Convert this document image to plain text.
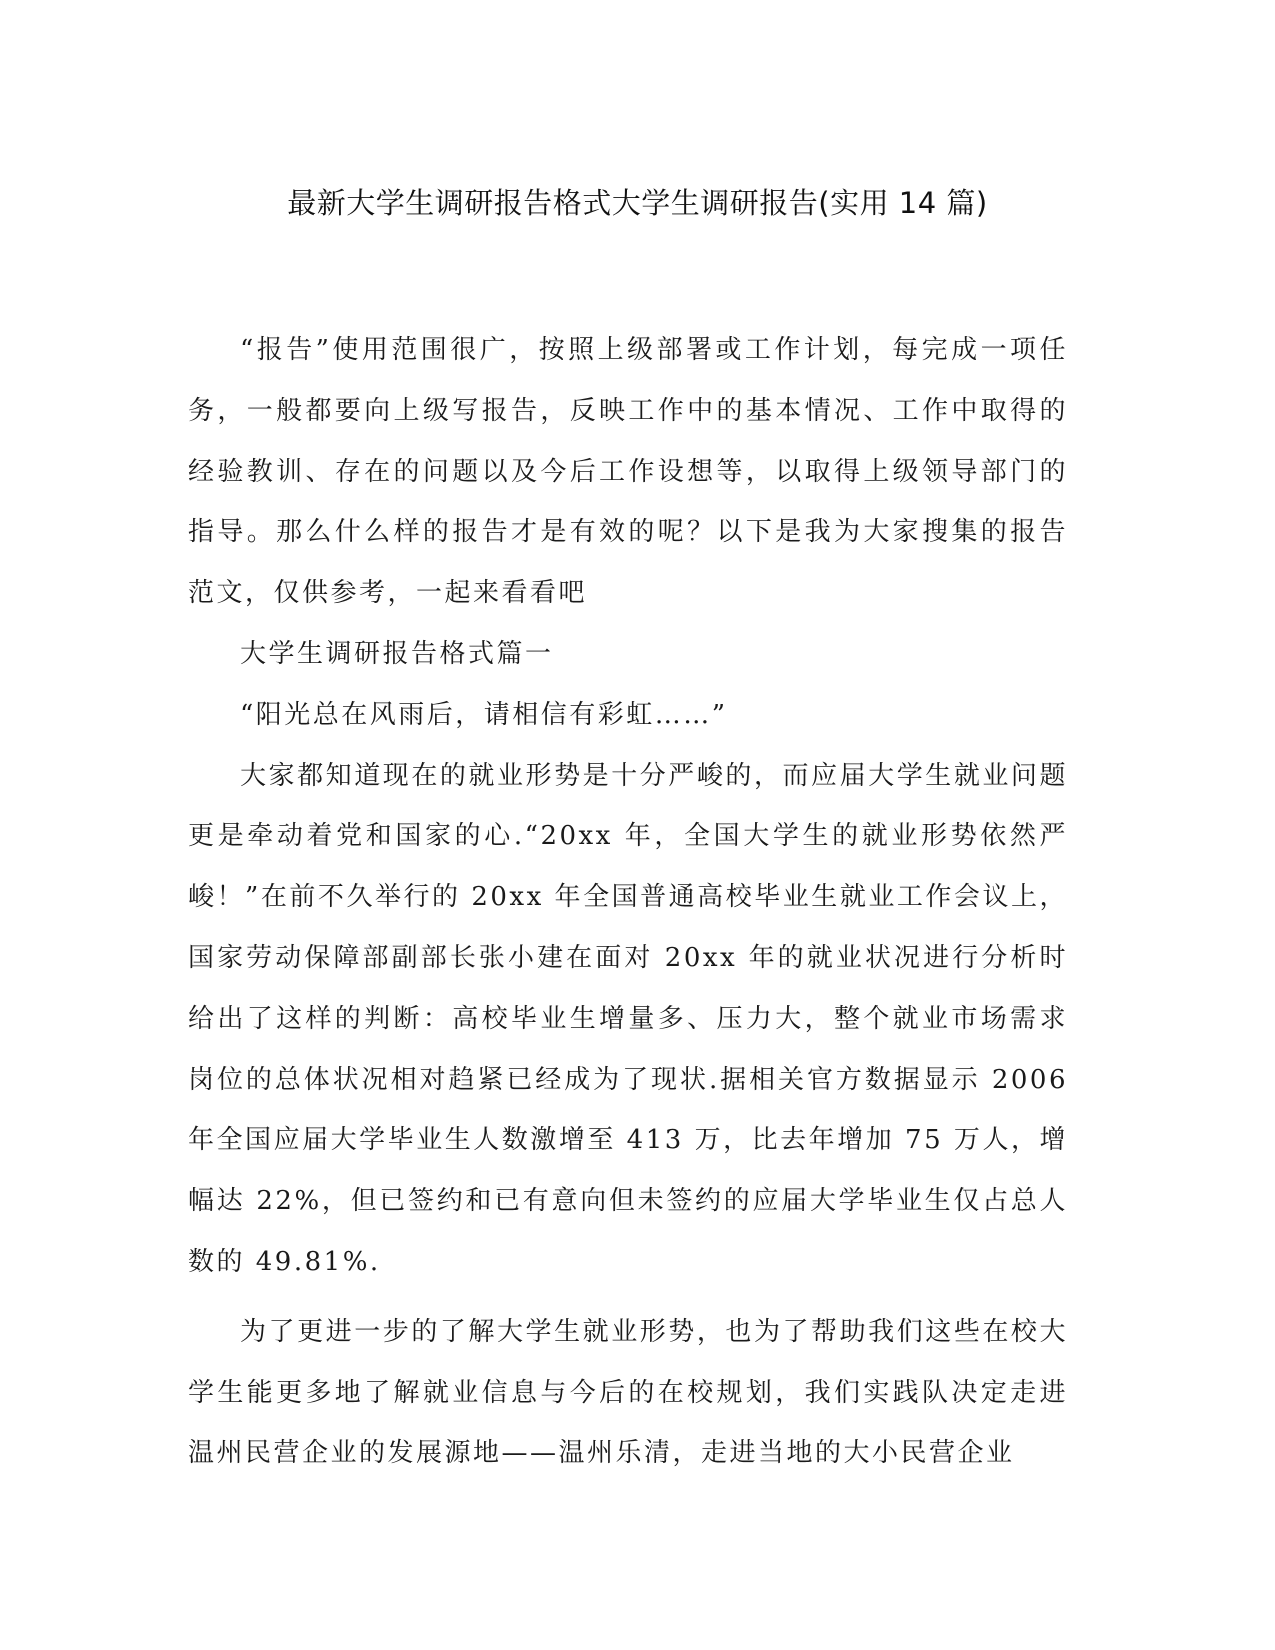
最新大学生调研报告格式大学生调研报告(实用 14 篇)

“报告”使用范围很广，按照上级部署或工作计划，每完成一项任务，一般都要向上级写报告，反映工作中的基本情况、工作中取得的经验教训、存在的问题以及今后工作设想等，以取得上级领导部门的指导。那么什么样的报告才是有效的呢？以下是我为大家搜集的报告范文，仅供参考，一起来看看吧

大学生调研报告格式篇一

“阳光总在风雨后，请相信有彩虹……”

大家都知道现在的就业形势是十分严峻的，而应届大学生就业问题更是牵动着党和国家的心.“20xx 年，全国大学生的就业形势依然严峻！”在前不久举行的 20xx 年全国普通高校毕业生就业工作会议上，国家劳动保障部副部长张小建在面对 20xx 年的就业状况进行分析时给出了这样的判断：高校毕业生增量多、压力大，整个就业市场需求岗位的总体状况相对趋紧已经成为了现状.据相关官方数据显示 2006 年全国应届大学毕业生人数激增至 413 万，比去年增加 75 万人，增幅达 22%，但已签约和已有意向但未签约的应届大学毕业生仅占总人数的 49.81%.

为了更进一步的了解大学生就业形势，也为了帮助我们这些在校大学生能更多地了解就业信息与今后的在校规划，我们实践队决定走进温州民营企业的发展源地——温州乐清，走进当地的大小民营企业
